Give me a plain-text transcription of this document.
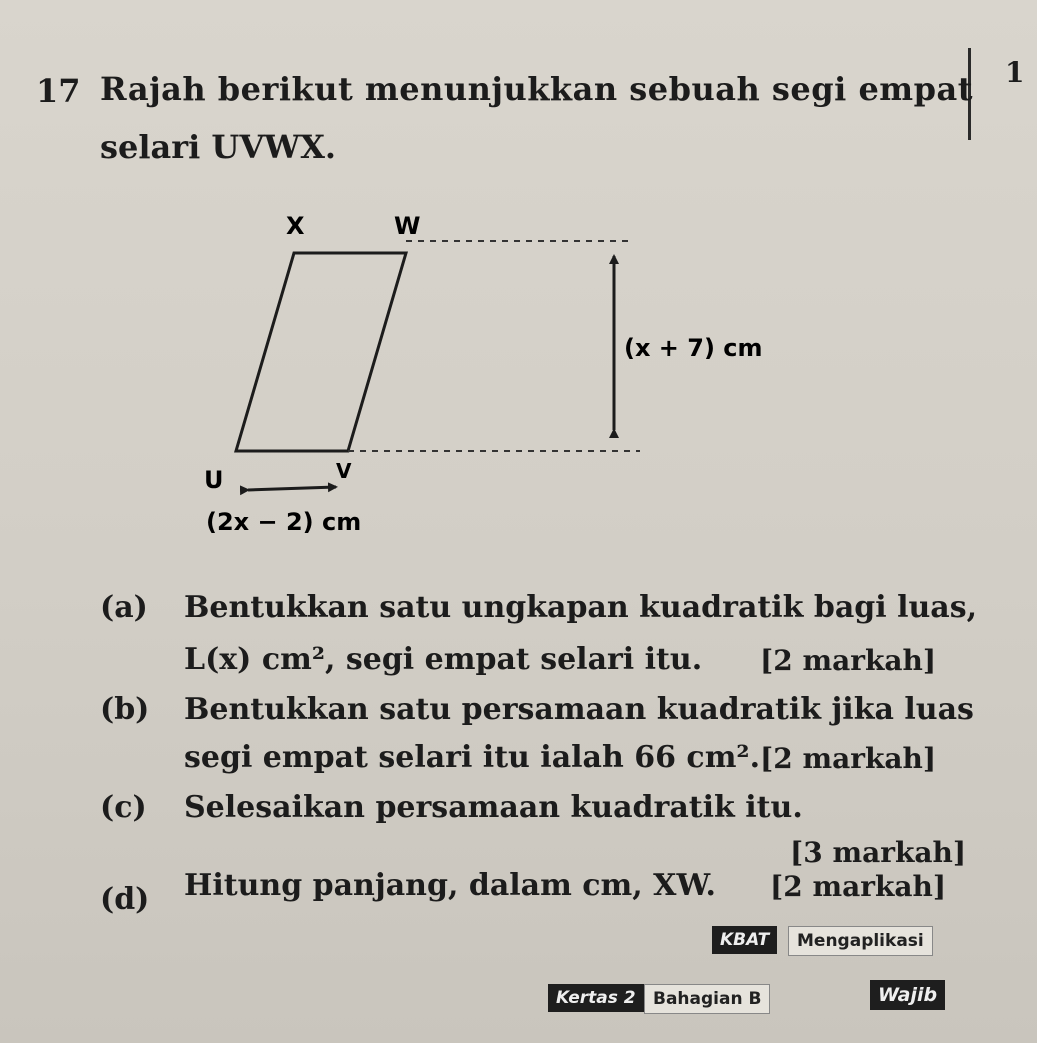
1
17 Rajah berikut menunjukkan sebuah segi empat
selari UVWX.
X	W
U	V
(x + 7) cm
(2x − 2) cm
(a) Bentukkan satu ungkapan kuadratik bagi luas,
L(x) cm², segi empat selari itu. [2 markah]
(b) Bentukkan satu persamaan kuadratik jika luas
segi empat selari itu ialah 66 cm². [2 markah]
(c) Selesaikan persamaan kuadratik itu.
[3 markah]
(d) Hitung panjang, dalam cm, XW. [2 markah]
KBAT	Mengaplikasi
Kertas 2	Bahagian B	Wajib
